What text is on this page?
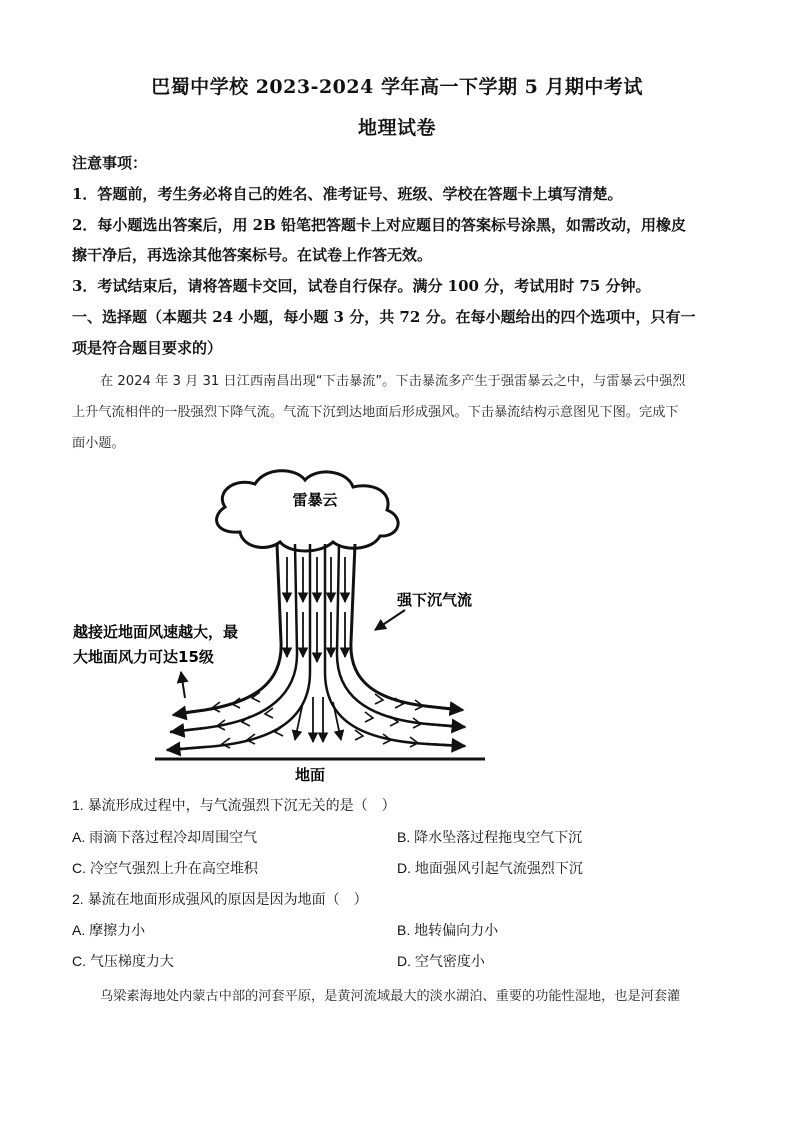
巴蜀中学校 2023-2024 学年高一下学期 5 月期中考试
地理试卷
注意事项：
1．答题前，考生务必将自己的姓名、准考证号、班级、学校在答题卡上填写清楚。
2．每小题选出答案后，用 2B 铅笔把答题卡上对应题目的答案标号涂黑，如需改动，用橡皮
擦干净后，再选涂其他答案标号。在试卷上作答无效。
3．考试结束后，请将答题卡交回，试卷自行保存。满分 100 分，考试用时 75 分钟。
一、选择题（本题共 24 小题，每小题 3 分，共 72 分。在每小题给出的四个选项中，只有一
项是符合题目要求的）
在 2024 年 3 月 31 日江西南昌出现“下击暴流”。下击暴流多产生于强雷暴云之中，与雷暴云中强烈
上升气流相伴的一股强烈下降气流。气流下沉到达地面后形成强风。下击暴流结构示意图见下图。完成下
面小题。
雷暴云
地面
强下沉气流
越接近地面风速越大，最
大地面风力可达15级
1. 暴流形成过程中，与气流强烈下沉无关的是（　）
A. 雨滴下落过程冷却周围空气	B. 降水坠落过程拖曳空气下沉
C. 冷空气强烈上升在高空堆积	D. 地面强风引起气流强烈下沉
2. 暴流在地面形成强风的原因是因为地面（　）
A. 摩擦力小	B. 地转偏向力小
C. 气压梯度力大	D. 空气密度小
乌梁素海地处内蒙古中部的河套平原，是黄河流域最大的淡水湖泊、重要的功能性湿地，也是河套灌
